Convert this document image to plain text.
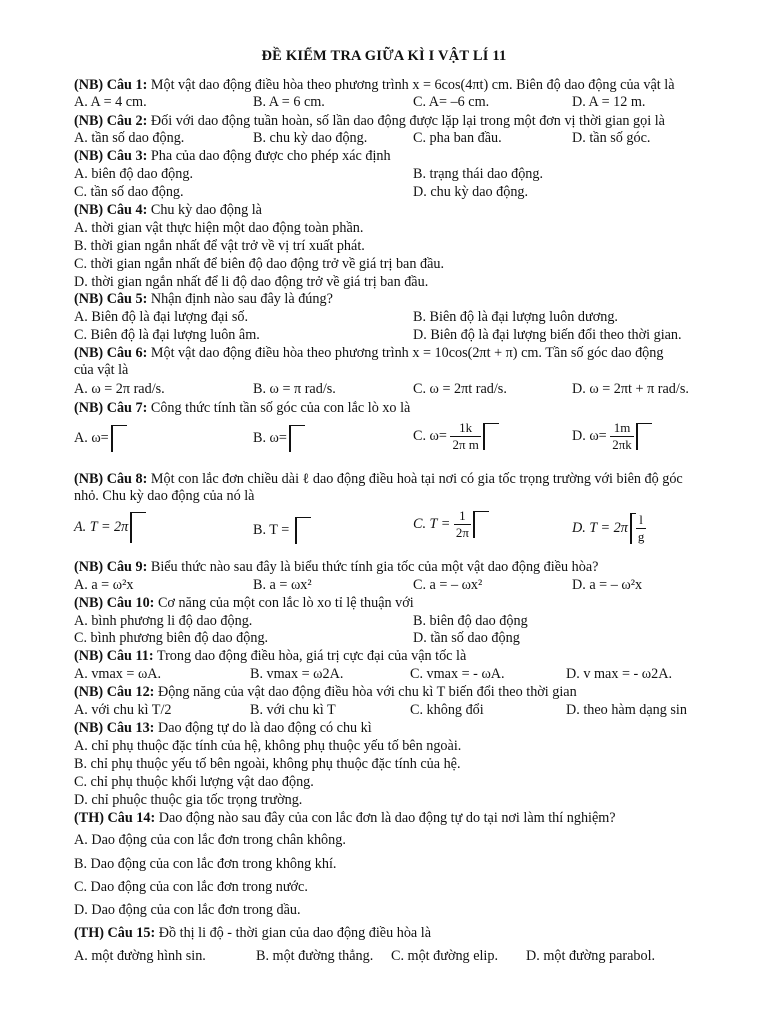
ĐỀ KIỂM TRA GIỮA KÌ I VẬT LÍ 11
(NB) Câu 1: Một vật dao động điều hòa theo phương trình x = 6cos(4πt) cm. Biên độ dao động của vật là
A. A = 4 cm.	B. A = 6 cm.	C. A= –6 cm.	D. A = 12 m.
(NB) Câu 2: Đối với dao động tuần hoàn, số lần dao động được lặp lại trong một đơn vị thời gian gọi là
A. tần số dao động.	B. chu kỳ dao động.	C. pha ban đầu.	D. tần số góc.
(NB) Câu 3: Pha của dao động được cho phép xác định
A. biên độ dao động.	B. trạng thái dao động.
C. tần số dao động.	D. chu kỳ dao động.
(NB) Câu 4: Chu kỳ dao động là
A. thời gian vật thực hiện một dao động toàn phần.
B. thời gian ngắn nhất để vật trở về vị trí xuất phát.
C. thời gian ngắn nhất để biên độ dao động trở về giá trị ban đầu.
D. thời gian ngắn nhất để li độ dao động trở về giá trị ban đầu.
(NB) Câu 5: Nhận định nào sau đây là đúng?
A. Biên độ là đại lượng đại số.	B. Biên độ là đại lượng luôn dương.
C. Biên độ là đại lượng luôn âm.	D. Biên độ là đại lượng biến đổi theo thời gian.
(NB) Câu 6: Một vật dao động điều hòa theo phương trình x = 10cos(2πt + π) cm. Tần số góc dao động
của vật là
A. ω = 2π rad/s.	B. ω = π rad/s.	C. ω = 2πt rad/s.	D. ω = 2πt + π rad/s.
(NB) Câu 7: Công thức tính tần số góc của con lắc lò xo là
A. ω=	B. ω=	C. $\omega= \frac{1k}{\text{2π m}}$	D. $\omega= \frac{1m}{2\pi k}$
(NB) Câu 8: Một con lắc đơn chiều dài ℓ dao động điều hoà tại nơi có gia tốc trọng trường với biên độ góc
nhỏ. Chu kỳ dao động của nó là
A. T = 2π	B. T =	C. $T = \frac{1}{2\pi}$	D. $T = 2\pi \frac{l}{g}$
(NB) Câu 9: Biểu thức nào sau đây là biểu thức tính gia tốc của một vật dao động điều hòa?
A. a = ω²x	B. a = ωx²	C. a = – ωx²	D. a = – ω²x
(NB) Câu 10: Cơ năng của một con lắc lò xo tỉ lệ thuận với
A. bình phương li độ dao động.	B. biên độ dao động
C. bình phương biên độ dao động.	D. tần số dao động
(NB) Câu 11: Trong dao động điều hòa, giá trị cực đại của vận tốc là
A. vmax = ωA.	B. vmax = ω2A.	C. vmax = - ωA.	D. v max = - ω2A.
(NB) Câu 12: Động năng của vật dao động điều hòa với chu kì T biến đổi theo thời gian
A. với chu kì T/2	B. với chu kì T	C. không đổi	D. theo hàm dạng sin
(NB) Câu 13: Dao động tự do là dao động có chu kì
A. chỉ phụ thuộc đặc tính của hệ, không phụ thuộc yếu tố bên ngoài.
B. chỉ phụ thuộc yếu tố bên ngoài, không phụ thuộc đặc tính của hệ.
C. chỉ phụ thuộc khối lượng vật dao động.
D. chỉ phuộc thuộc gia tốc trọng trường.
(TH) Câu 14: Dao động nào sau đây của con lắc đơn là dao động tự do tại nơi làm thí nghiệm?
A. Dao động của con lắc đơn trong chân không.
B. Dao động của con lắc đơn trong không khí.
C. Dao động của con lắc đơn trong nước.
D. Dao động của con lắc đơn trong dầu.
(TH) Câu 15: Đồ thị li độ - thời gian của dao động điều hòa là
A. một đường hình sin.	B. một đường thẳng. C. một đường elip. D. một đường parabol.
